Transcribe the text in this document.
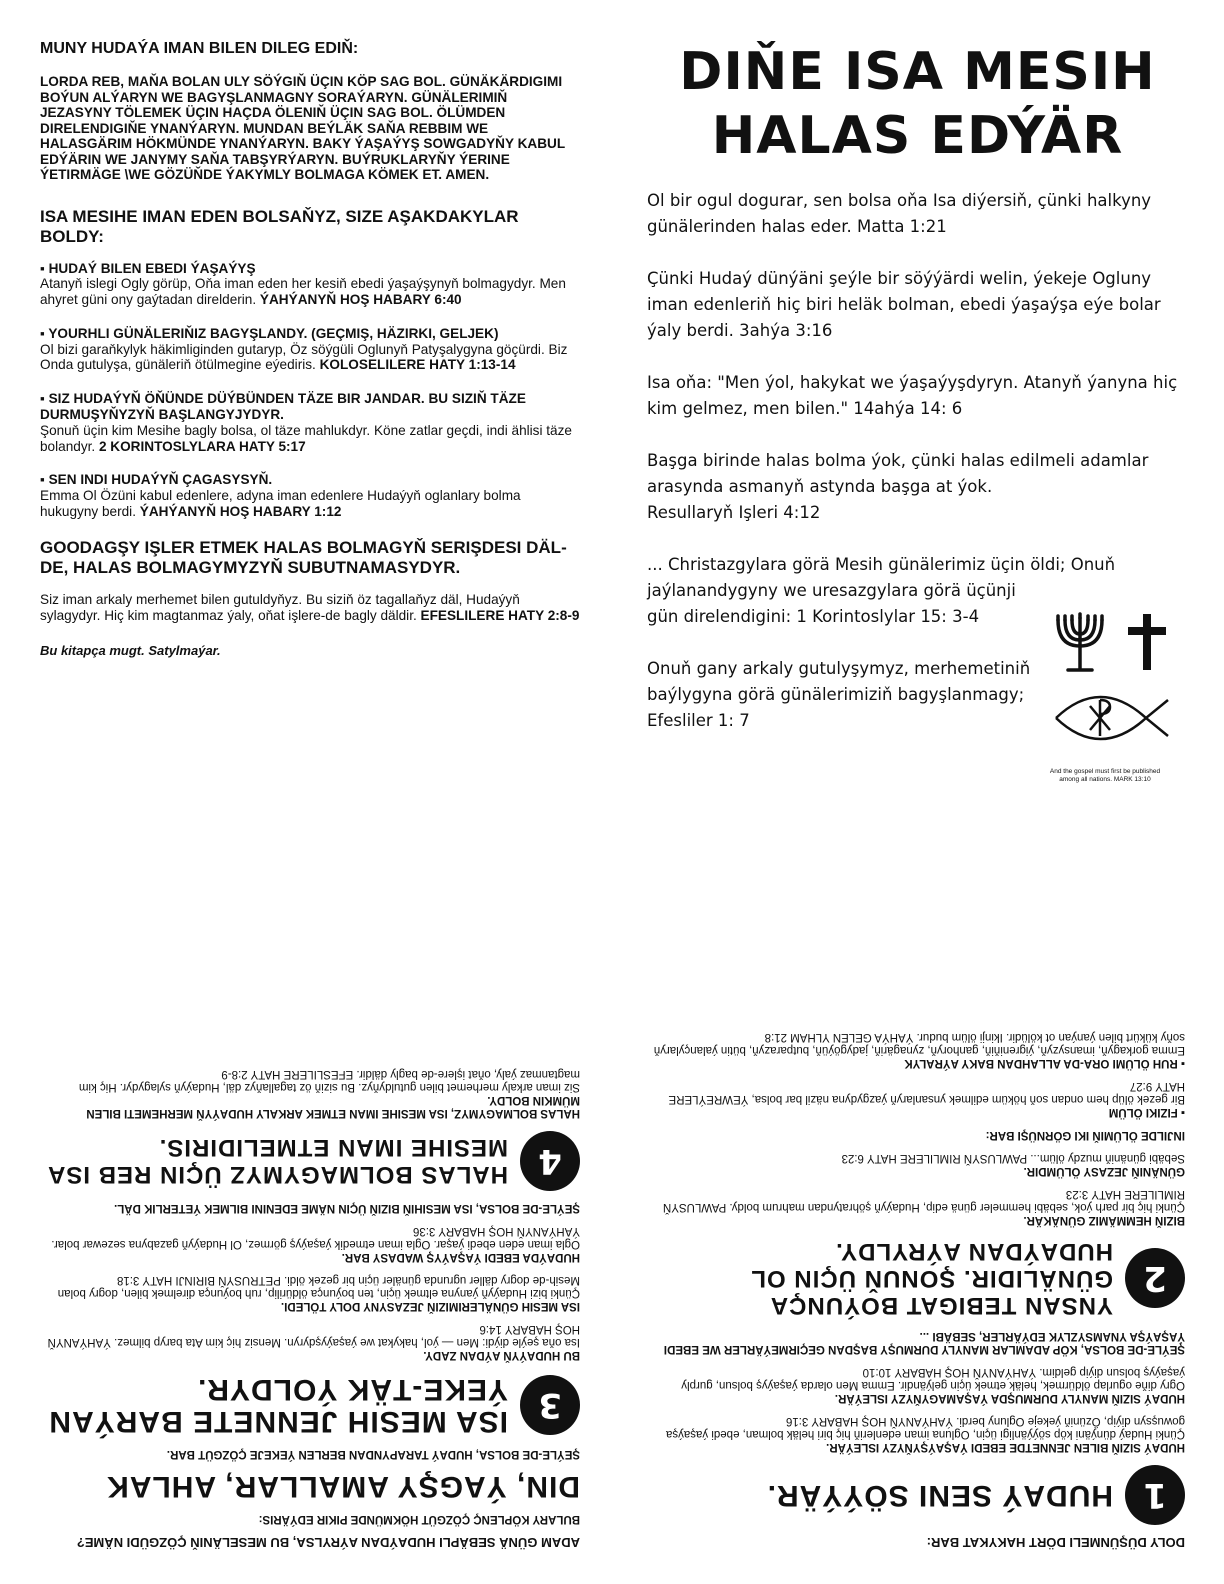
MUNY HUDAÝA IMAN BILEN DILEG EDIŇ:
LORDA REB, MAŇA BOLAN ULY SÖÝGIŇ ÜÇIN KÖP SAG BOL. GÜNÄKÄRDIGIMI BOÝUN ALÝARYN WE BAGYŞLANMAGNY SORAÝARYN. GÜNÄLERIMIŇ JEZASYNY TÖLEMEK ÜÇIN HAÇDA ÖLENIŇ ÜÇIN SAG BOL. ÖLÜMDEN DIRELENDIGIŇE YNANÝARYN. MUNDAN BEÝLÄK SAŇA REBBIM WE HALASGÄRIM HÖKMÜNDE YNANÝARYN. BAKY ÝAŞAÝYŞ SOWGADYŇY KABUL EDÝÄRIN WE JANYMY SAŇA TABŞYRÝARYN. BUÝRUKLARYŇY ÝERINE ÝETIRMÄGE \WE GÖZÜŇDE ÝAKYMLY BOLMAGA KÖMEK ET. AMEN.
ISA MESIHE IMAN EDEN BOLSAŇYZ, SIZE AŞAKDAKYLAR BOLDY:
▪ HUDAÝ BILEN EBEDI ÝAŞAÝYŞ
Atanyň islegi Ogly görüp, Oňa iman eden her kesiň ebedi ýaşaýşynyň bolmagydyr. Men ahyret güni ony gaýtadan direlderin. ÝAHÝANYŇ HOŞ HABARY 6:40
▪ YOURHLI GÜNÄLERIŇIZ BAGYŞLANDY. (GEÇMIŞ, HÄZIRKI, GELJEK)
Ol bizi garaňkylyk häkimliginden gutaryp, Öz söýgüli Oglunyň Patyşalygyna göçürdi. Biz Onda gutulyşa, günäleriň ötülmegine eýediris. KOLOSELILERE HATY 1:13-14
▪ SIZ HUDAÝYŇ ÖŇÜNDE DÜÝBÜNDEN TÄZE BIR JANDAR. BU SIZIŇ TÄZE DURMUŞYŇYZYŇ BAŞLANGYJYDYR.
Şonuň üçin kim Mesihe bagly bolsa, ol täze mahlukdyr. Köne zatlar geçdi, indi ählisi täze bolandyr. 2 KORINTOSLYLARA HATY 5:17
▪ SEN INDI HUDAÝYŇ ÇAGASYSYŇ.
Emma Ol Özüni kabul edenlere, adyna iman edenlere Hudaýyň oglanlary bolma hukugyny berdi. ÝAHÝANYŇ HOŞ HABARY 1:12
GOODAGŞY IŞLER ETMEK HALAS BOLMAGYŇ SERIŞDESI DÄL-DE, HALAS BOLMAGYMYZYŇ SUBUTNAMASYDYR.
Siz iman arkaly merhemet bilen gutuldyňyz. Bu siziň öz tagallaňyz däl, Hudaýyň sylagydyr. Hiç kim magtanmaz ýaly, oňat işlere-de bagly däldir. EFESLILERE HATY 2:8-9
Bu kitapça mugt. Satylmaýar.
DIŇE ISA MESIH
HALAS EDÝÄR
Ol bir ogul dogurar, sen bolsa oňa Isa diýersiň, çünki halkyny günälerinden halas eder. Matta 1:21
Çünki Hudaý dünýäni şeýle bir söýýärdi welin, ýekeje Ogluny iman edenleriň hiç biri heläk bolman, ebedi ýaşaýşa eýe bolar ýaly berdi. 3ahýa 3:16
Isa oňa: "Men ýol, hakykat we ýaşaýyşdyryn. Atanyň ýanyna hiç kim gelmez, men bilen." 14ahýa 14: 6
Başga birinde halas bolma ýok, çünki halas edilmeli adamlar arasynda asmanyň astynda başga at ýok.
Resullaryň Işleri 4:12
... Christazgylara görä Mesih günälerimiz üçin öldi; Onuň
jaýlanandygyny we uresazgylara görä üçünji
gün direlendigini: 1 Korintoslylar 15: 3-4
Onuň gany arkaly gutulyşymyz, merhemetiniň
baýlygyna görä günälerimiziň bagyşlanmagy;
Efesliler 1: 7
And the gospel must first be published among all nations. MARK 13:10
DOLY DÜŞÜNMELI DÖRT HAKYKAT BAR:
1
HUDAÝ SENI SÖÝÝÄR.
HUDAÝ SIZIŇ BILEN JENNETDE EBEDI ÝAŞAÝŞYŇYZY ISLEÝÄR.
Çünki Hudaý dünýäni köp söýýänligi üçin, Ogluna iman edenleriň hiç biri heläk bolman, ebedi ýaşaýşa gowuşsyn diýip, Özüniň ýekeje Ogluny berdi. ÝAHÝANYŇ HOŞ HABARY 3:16
HUDAÝ SIZIŇ MANYLY DURMUŞDA ÝAŞAMAGYŇYZY ISLEÝÄR.
Ogry diňe ogurlap öldürmek, heläk etmek üçin gelýändir. Emma Men olarda ýaşaýyş bolsun, gurply ýaşaýyş bolsun diýip geldim. ÝAHÝANYŇ HOŞ HABARY 10:10
ŞEÝLE-DE BOLSA, KÖP ADAMLAR MANYLY DURMUŞY BAŞDAN GEÇIRMEÝÄRLER WE EBEDI ÝAŞAÝŞA YNAMSYZLYK EDÝÄRLER, SEBÄBI ...
2
YNSAN TEBIGAT BOÝUNÇA GÜNÄLIDIR. ŞONUŇ ÜÇIN OL HUDAÝDAN AÝRYLDY.
BIZIŇ HEMMÄMIZ GÜNÄKÄR.
Çünki hiç bir parh ýok, sebäbi hemmeler günä edip, Hudaýyň şöhratyndan mahrum boldy. PAWLUSYŇ RIMLILERE HATY 3:23
GÜNÄNIŇ JEZASY ÖLÜMDIR.
Sebäbi günäniň muzdy ölüm... PAWLUSYŇ RIMLILERE HATY 6:23
INJILDE ÖLÜMIŇ IKI GÖRNÜŞI BAR:
▪ FIZIKI ÖLÜM
Bir gezek ölüp hem ondan soň höküm edilmek ynsanlaryň ýazgydyna näzil bar bolsa, ÝEWREÝLERE HATY 9:27
▪ RUH ÖLÜMI ORA-DA ALLAHDAN BAKY AÝRALYK
Emma gorkagyň, imansyzyň, ýigreniňiň, ganhoryň, zynagäriň, jadygöýüň, butparazyň, bütin ýalançylaryň soňy kükürt bilen ýanýan ot kölüdir. Ikinji ölüm budur. ÝAHÝA GELEN YLHAM 21:8
ADAM GÜNÄ SEBÄPLI HUDAÝDAN AÝRYLSA, BU MESELÄNIŇ ÇÖZGÜDI NÄME?
BULARY KÖPLENÇ ÇÖZGÜT HÖKMÜNDE PIKIR EDÝÄRIS:
DIN, ÝAGŞY AMALLAR, AHLAK
ŞEÝLE-DE BOLSA, HUDAÝ TARAPYNDAN BERLEN ÝEKEJE ÇÖZGÜT BAR.
3
ISA MESIH JENNETE BARÝAN ÝEKE-TÄK ÝOLDYR.
BU HUDAÝYŇ AÝDAN ZADY.
Isa oňa şeýle diýdi: Men — ýol, hakykat we ýaşaýyşdyryn. Mensiz hiç kim Ata baryp bilmez. ÝAHÝANYŇ HOŞ HABARY 14:6
ISA MESIH GÜNÄLERIMIZIŇ JEZASYNY DOLY TÖLEDI.
Çünki bizi Hudaýyň ýanyna eltmek üçin, ten boýunça öldürilip, ruh boýunça direlmek bilen, dogry bolan Mesih-de dogry däller ugrunda günäler üçin bir gezek öldi. PETRUSYŇ BIRINJI HATY 3:18
HUDAÝDA EBEDI ÝAŞAÝYŞ WADASY BAR.
Ogla iman eden ebedi ýaşar. Ogla iman etmedik ýaşaýyş görmez, Ol Hudaýyň gazabyna sezewar bolar. ÝAHÝANYŇ HOŞ HABARY 3:36
ŞEÝLE-DE BOLSA, ISA MESIHIŇ BIZIŇ ÜÇIN NÄME EDENINI BILMEK ÝETERLIK DÄL.
4
HALAS BOLMAGYMYZ ÜÇIN REB ISA MESIHE IMAN ETMELIDIRIS.
HALAS BOLMAGYMYZ, ISA MESIHE IMAN ETMEK ARKALY HUDAÝYŇ MERHEMETI BILEN MÜMKIN BOLDY.
Siz iman arkaly merhemet bilen gutuldyňyz. Bu siziň öz tagallaňyz däl, Hudaýyň sylagydyr. Hiç kim magtanmaz ýaly, oňat işlere-de bagly däldir. EFESLILERE HATY 2:8-9
